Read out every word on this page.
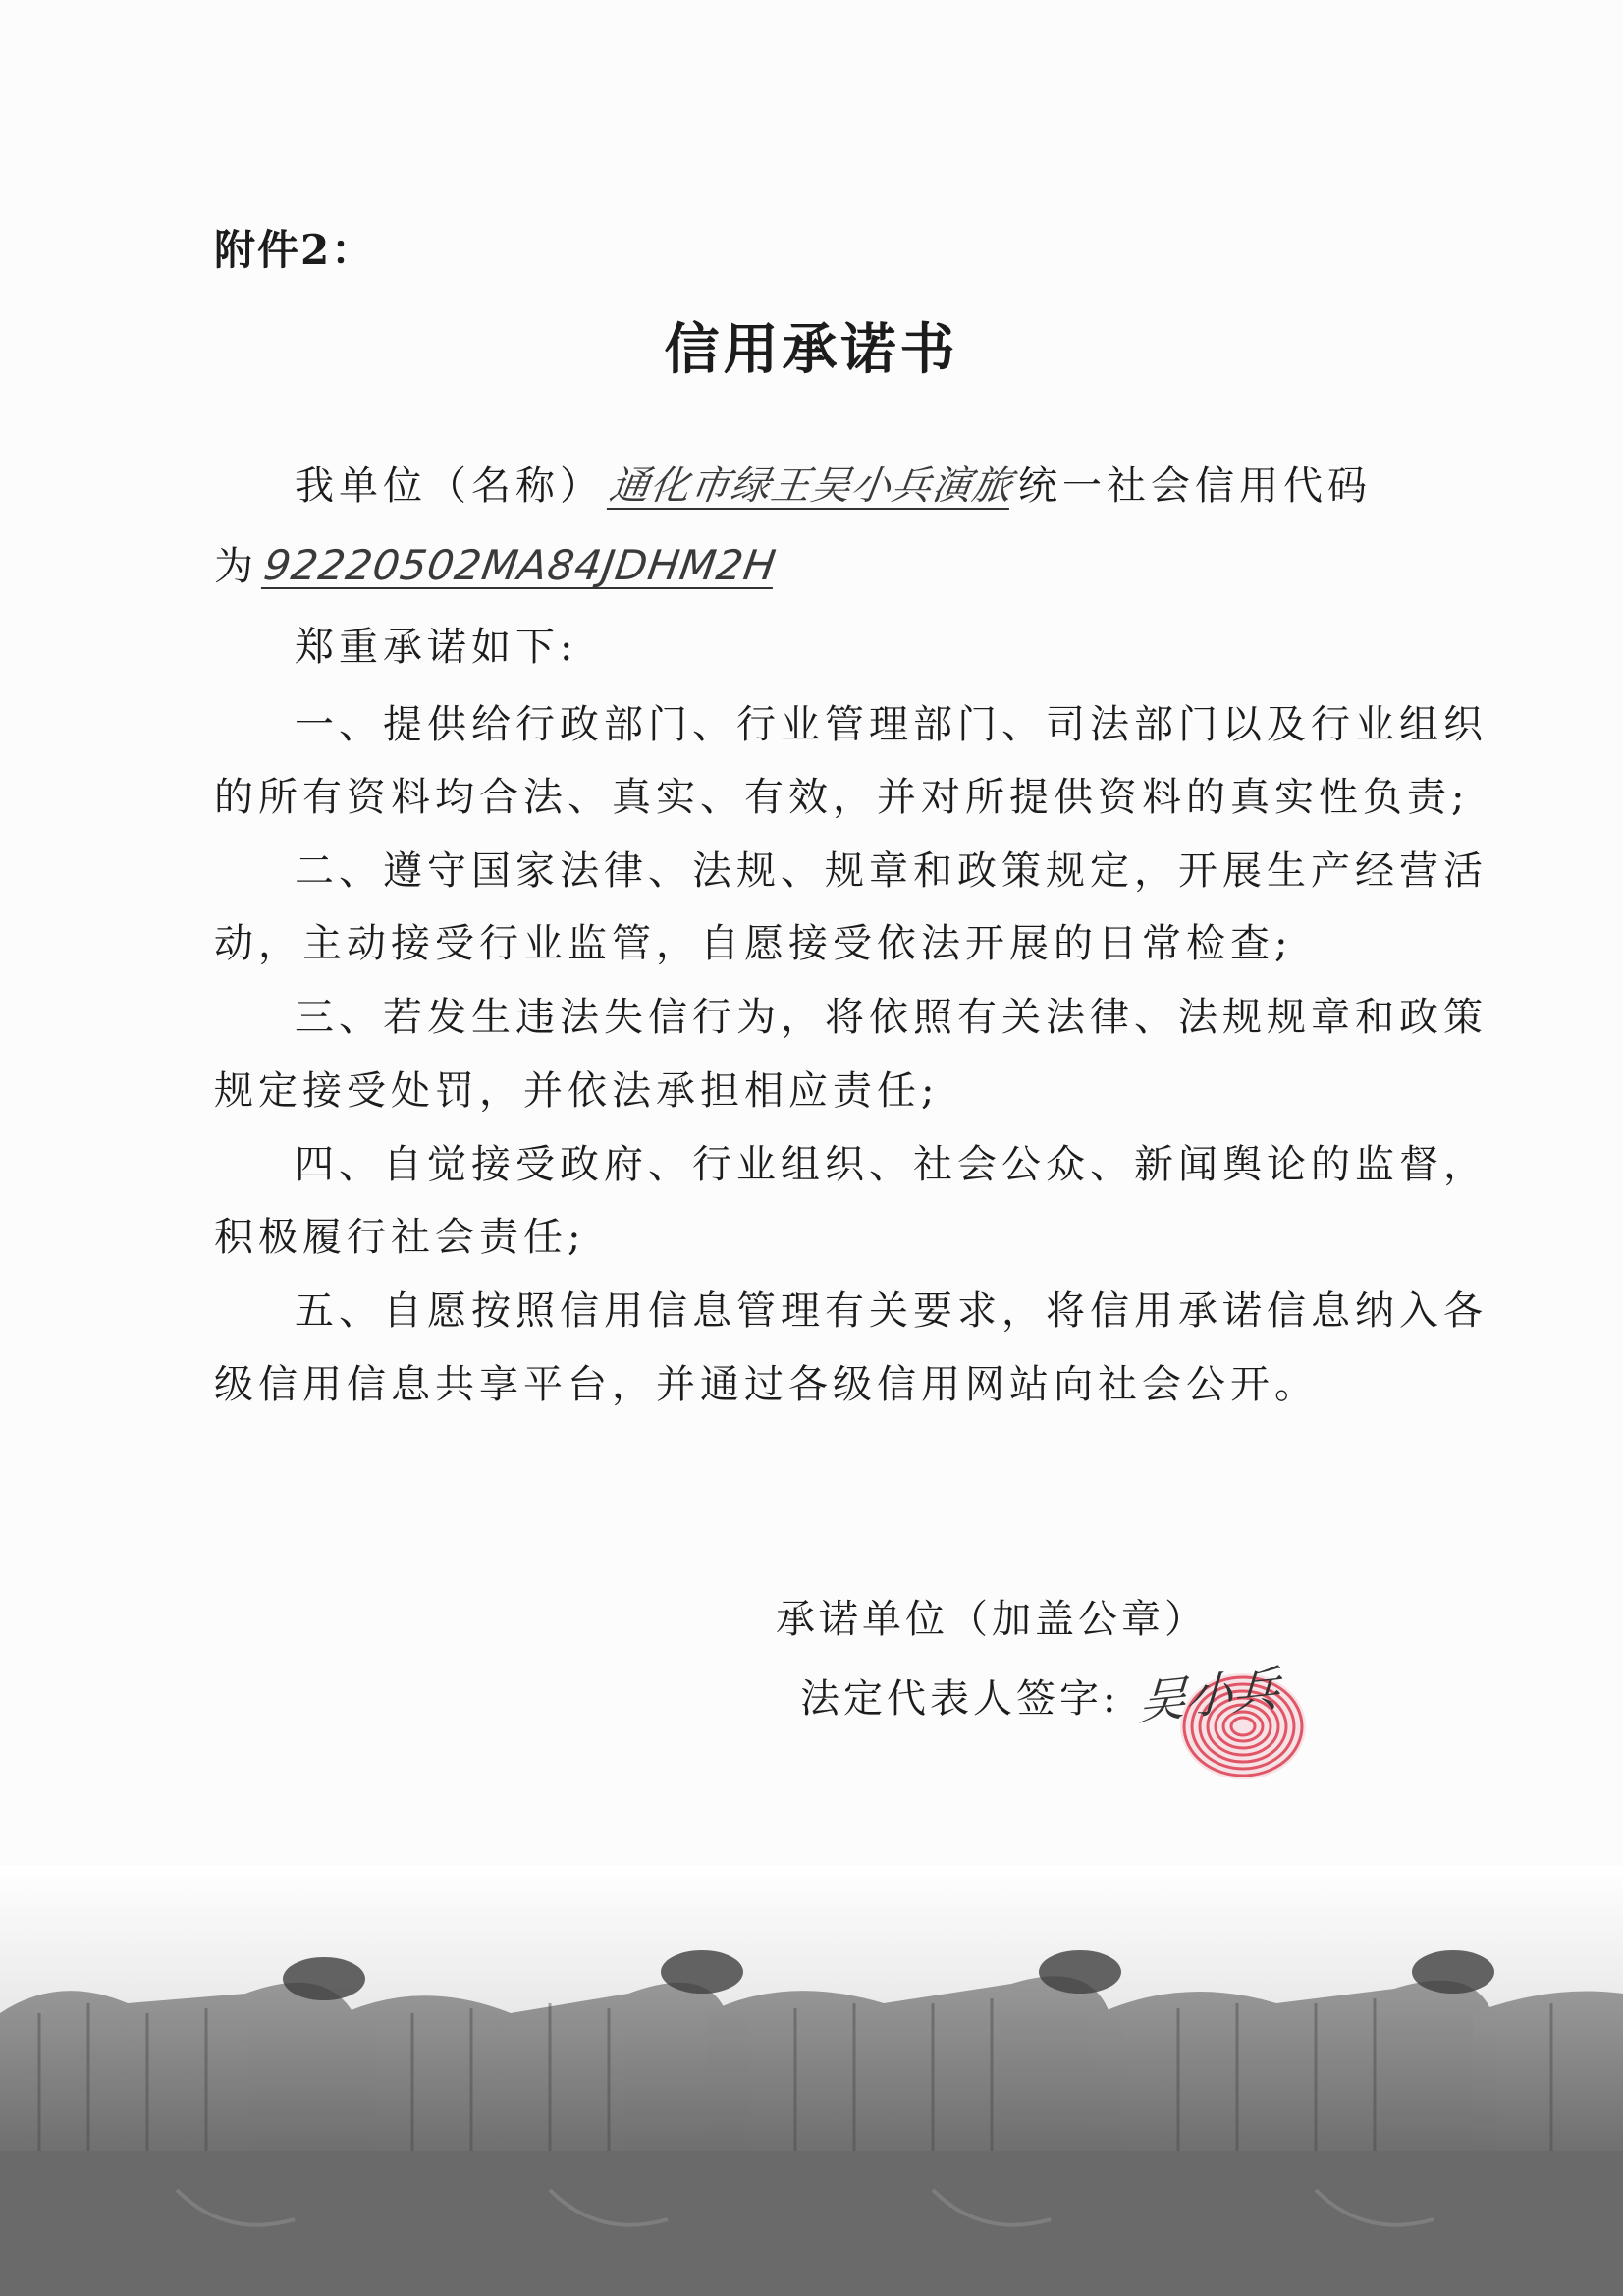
附件2：
信用承诺书
我单位（名称）通化市绿王吴小兵演旅统一社会信用代码
为92220502MA84JDHM2H
郑重承诺如下:
一、提供给行政部门、行业管理部门、司法部门以及行业组织
的所有资料均合法、真实、有效，并对所提供资料的真实性负责;
二、遵守国家法律、法规、规章和政策规定，开展生产经营活
动，主动接受行业监管，自愿接受依法开展的日常检查;
三、若发生违法失信行为，将依照有关法律、法规规章和政策
规定接受处罚，并依法承担相应责任;
四、自觉接受政府、行业组织、社会公众、新闻舆论的监督，
积极履行社会责任;
五、自愿按照信用信息管理有关要求，将信用承诺信息纳入各
级信用信息共享平台，并通过各级信用网站向社会公开。
承诺单位（加盖公章）
法定代表人签字: 吴小兵
